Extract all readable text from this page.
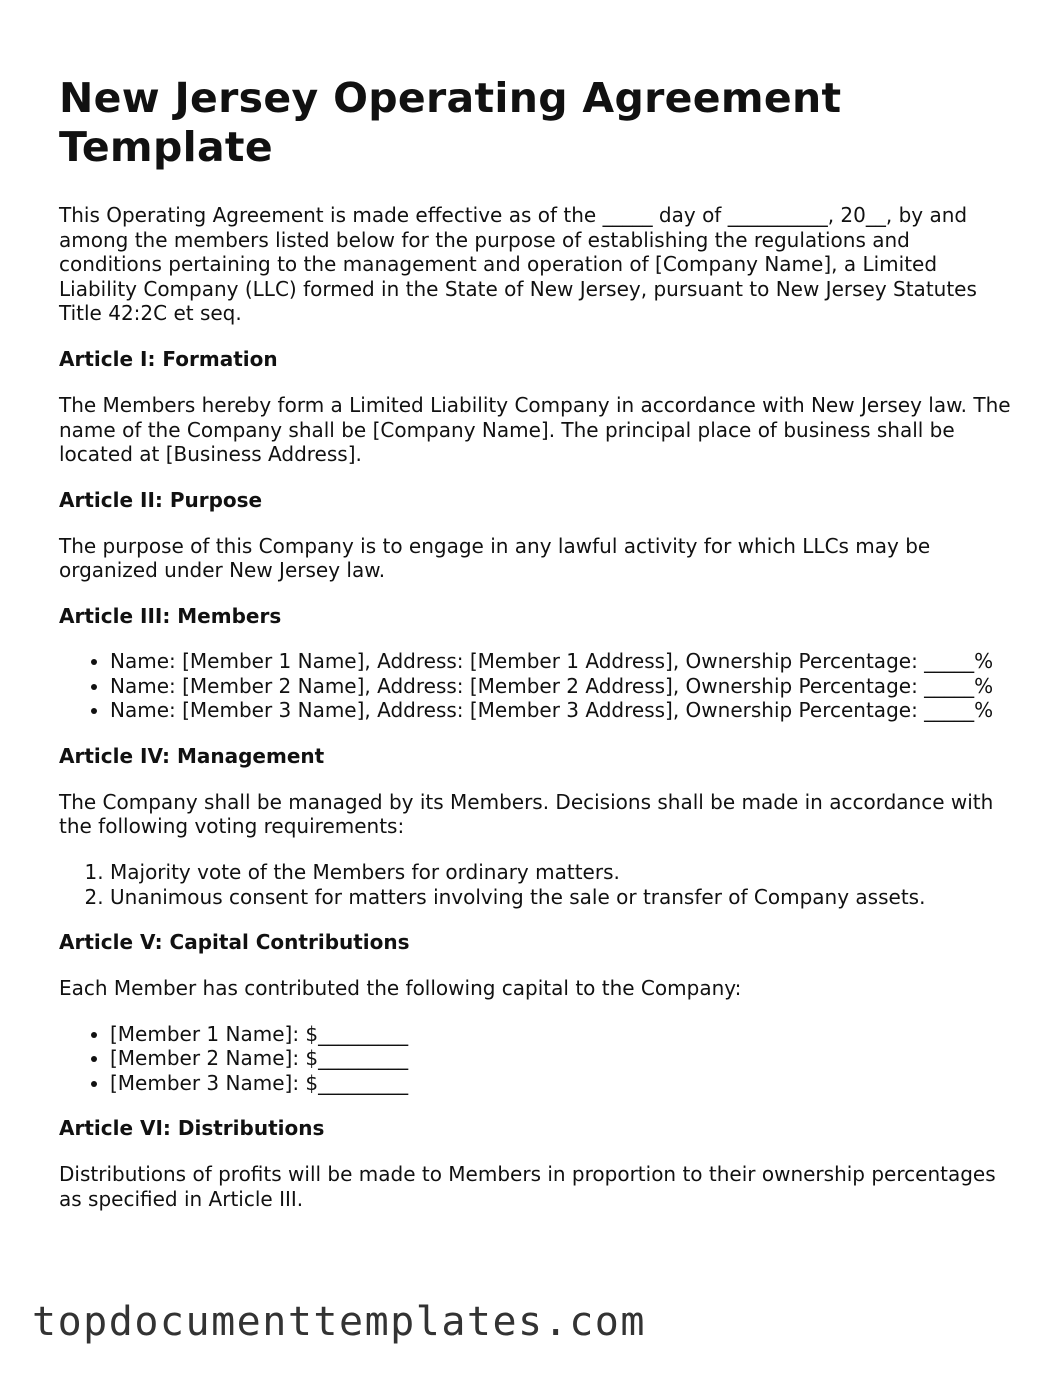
New Jersey Operating Agreement Template

This Operating Agreement is made effective as of the _____ day of __________, 20__, by and among the members listed below for the purpose of establishing the regulations and conditions pertaining to the management and operation of [Company Name], a Limited Liability Company (LLC) formed in the State of New Jersey, pursuant to New Jersey Statutes Title 42:2C et seq.

Article I: Formation

The Members hereby form a Limited Liability Company in accordance with New Jersey law. The name of the Company shall be [Company Name]. The principal place of business shall be located at [Business Address].

Article II: Purpose

The purpose of this Company is to engage in any lawful activity for which LLCs may be organized under New Jersey law.

Article III: Members
• Name: [Member 1 Name], Address: [Member 1 Address], Ownership Percentage: _____%
• Name: [Member 2 Name], Address: [Member 2 Address], Ownership Percentage: _____%
• Name: [Member 3 Name], Address: [Member 3 Address], Ownership Percentage: _____%
Article IV: Management

The Company shall be managed by its Members. Decisions shall be made in accordance with the following voting requirements:

1. Majority vote of the Members for ordinary matters.
2. Unanimous consent for matters involving the sale or transfer of Company assets.
Article V: Capital Contributions

Each Member has contributed the following capital to the Company:

• [Member 1 Name]: $_________
• [Member 2 Name]: $_________
• [Member 3 Name]: $_________
Article VI: Distributions

Distributions of profits will be made to Members in proportion to their ownership percentages as specified in Article III.

topdocumenttemplates.com
